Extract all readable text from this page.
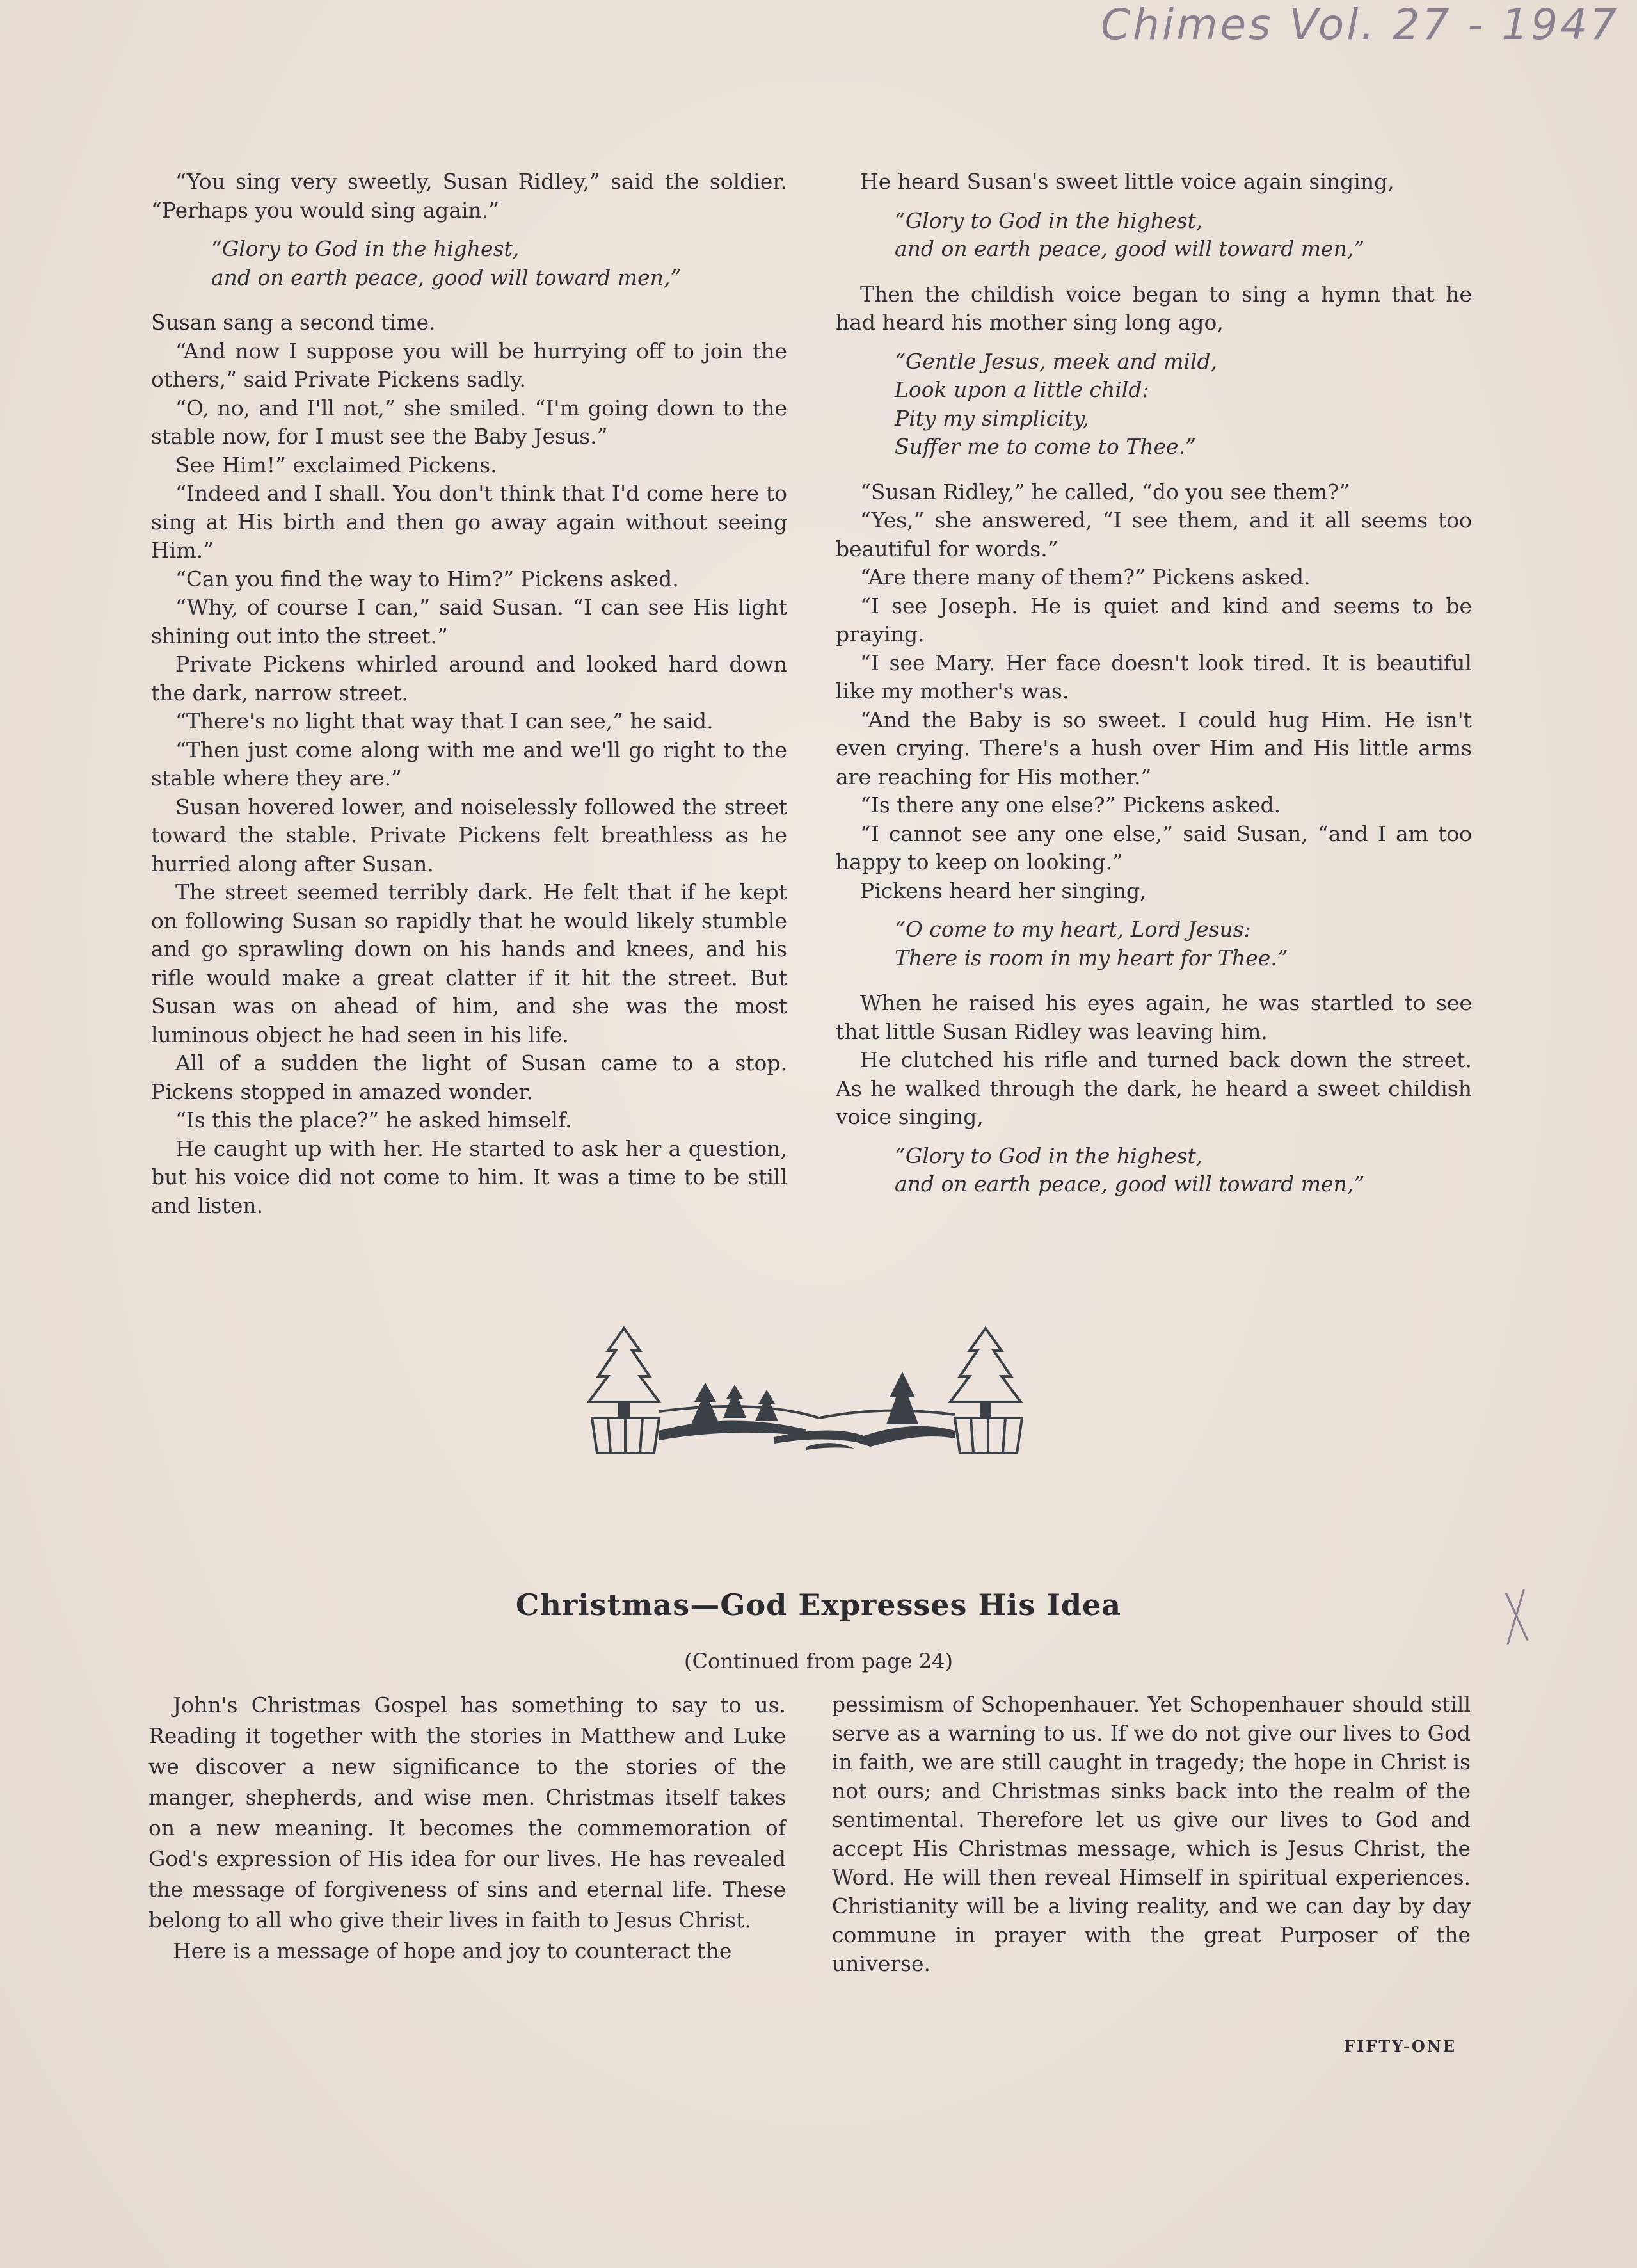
Chimes Vol. 27 - 1947
X

“You sing very sweetly, Susan Ridley,” said the soldier. “Perhaps you would sing again.”

“Glory to God in the highest,
and on earth peace, good will toward men,”

Susan sang a second time.

“And now I suppose you will be hurrying off to join the others,” said Private Pickens sadly.

“O, no, and I'll not,” she smiled. “I'm going down to the stable now, for I must see the Baby Jesus.”

See Him!” exclaimed Pickens.

“Indeed and I shall. You don't think that I'd come here to sing at His birth and then go away again without seeing Him.”

“Can you find the way to Him?” Pickens asked.

“Why, of course I can,” said Susan. “I can see His light shining out into the street.”

Private Pickens whirled around and looked hard down the dark, narrow street.

“There's no light that way that I can see,” he said.

“Then just come along with me and we'll go right to the stable where they are.”

Susan hovered lower, and noiselessly followed the street toward the stable. Private Pickens felt breathless as he hurried along after Susan.

The street seemed terribly dark. He felt that if he kept on following Susan so rapidly that he would likely stumble and go sprawling down on his hands and knees, and his rifle would make a great clatter if it hit the street. But Susan was on ahead of him, and she was the most luminous object he had seen in his life.

All of a sudden the light of Susan came to a stop. Pickens stopped in amazed wonder.

“Is this the place?” he asked himself.

He caught up with her. He started to ask her a question, but his voice did not come to him. It was a time to be still and listen.

He heard Susan's sweet little voice again singing,

“Glory to God in the highest,
and on earth peace, good will toward men,”

Then the childish voice began to sing a hymn that he had heard his mother sing long ago,

“Gentle Jesus, meek and mild,
Look upon a little child:
Pity my simplicity,
Suffer me to come to Thee.”

“Susan Ridley,” he called, “do you see them?”

“Yes,” she answered, “I see them, and it all seems too beautiful for words.”

“Are there many of them?” Pickens asked.

“I see Joseph. He is quiet and kind and seems to be praying.

“I see Mary. Her face doesn't look tired. It is beautiful like my mother's was.

“And the Baby is so sweet. I could hug Him. He isn't even crying. There's a hush over Him and His little arms are reaching for His mother.”

“Is there any one else?” Pickens asked.

“I cannot see any one else,” said Susan, “and I am too happy to keep on looking.”

Pickens heard her singing,

“O come to my heart, Lord Jesus:
There is room in my heart for Thee.”

When he raised his eyes again, he was startled to see that little Susan Ridley was leaving him.

He clutched his rifle and turned back down the street. As he walked through the dark, he heard a sweet childish voice singing,

“Glory to God in the highest,
and on earth peace, good will toward men,”
Christmas—God Expresses His Idea
(Continued from page 24)

John's Christmas Gospel has something to say to us. Reading it together with the stories in Matthew and Luke we discover a new significance to the stories of the manger, shepherds, and wise men. Christmas itself takes on a new meaning. It becomes the commemoration of God's expression of His idea for our lives. He has revealed the message of forgiveness of sins and eternal life. These belong to all who give their lives in faith to Jesus Christ.

Here is a message of hope and joy to counteract the

pessimism of Schopenhauer. Yet Schopenhauer should still serve as a warning to us. If we do not give our lives to God in faith, we are still caught in tragedy; the hope in Christ is not ours; and Christmas sinks back into the realm of the sentimental. Therefore let us give our lives to God and accept His Christmas message, which is Jesus Christ, the Word. He will then reveal Himself in spiritual experiences. Christianity will be a living reality, and we can day by day commune in prayer with the great Purposer of the universe.

FIFTY-ONE
